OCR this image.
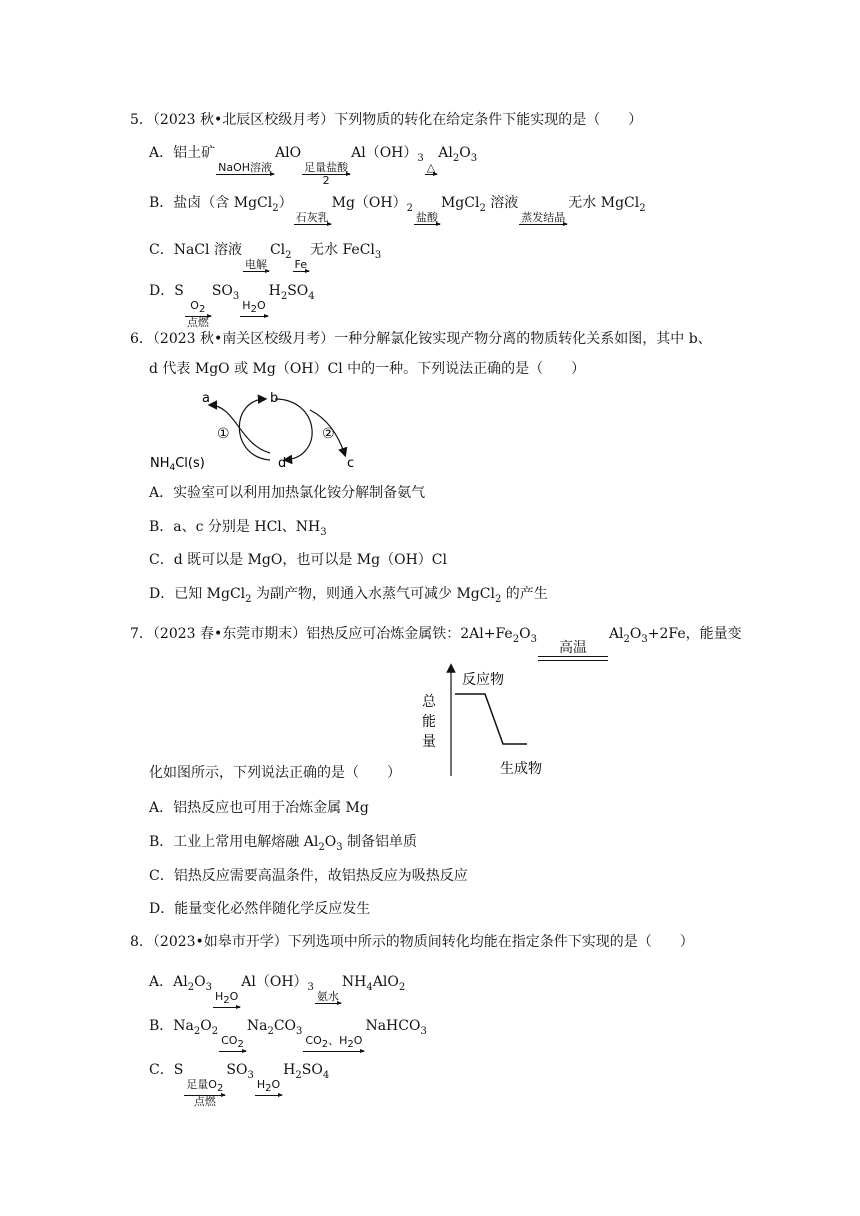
5．（2023 秋•北辰区校级月考）下列物质的转化在给定条件下能实现的是（　　）
A．铝土矿
NaOH溶液

AlO
足量盐酸
2
$Al(OH)_3$
△

$Al_2O_3$
B．盐卤（含 MgCl$_2$）
石灰乳

$Mg(OH)_2$
盐酸

MgCl$_2$ 溶液
蒸发结晶

无水 MgCl$_2$
C．NaCl 溶液
电解

$Cl_2$
Fe

无水 FeCl$_3$
D．S
$O_2$
点燃
$SO_3$
$H_2O$

$H_2SO_4$
6．（2023 秋•南关区校级月考）一种分解氯化铵实现产物分离的物质转化关系如图，其中 b、
d 代表 MgO 或 Mg（OH）Cl 中的一种。下列说法正确的是（　　）
a	b
c
d
①	②
$NH_4Cl(s)$
A．实验室可以利用加热氯化铵分解制备氨气
B．a、c 分别是 HCl、$NH_3$
C．d 既可以是 MgO，也可以是 Mg（OH）Cl
D．已知 MgCl$_2$ 为副产物，则通入水蒸气可减少 MgCl$_2$ 的产生
7．（2023 春•东莞市期末）铝热反应可冶炼金属铁：$2Al+Fe_2O_3$
高温

$Al_2O_3+2Fe$，能量变
总
能
量
反应物
生成物
化如图所示，下列说法正确的是（　　）
A．铝热反应也可用于冶炼金属 Mg
B．工业上常用电解熔融 $Al_2O_3$ 制备铝单质
C．铝热反应需要高温条件，故铝热反应为吸热反应
D．能量变化必然伴随化学反应发生
8．（2023•如皋市开学）下列选项中所示的物质间转化均能在指定条件下实现的是（　　）
A．$Al_2O_3$
$H_2O$

$Al(OH)_3$
氨水

$NH_4AlO_2$
B．$Na_2O_2$
$CO_2$

$Na_2CO_3$
$CO_2$、$H_2O$

NaHCO$_3$
C．S
足量$O_2$
点燃
$SO_3$
$H_2O$

$H_2SO_4$
